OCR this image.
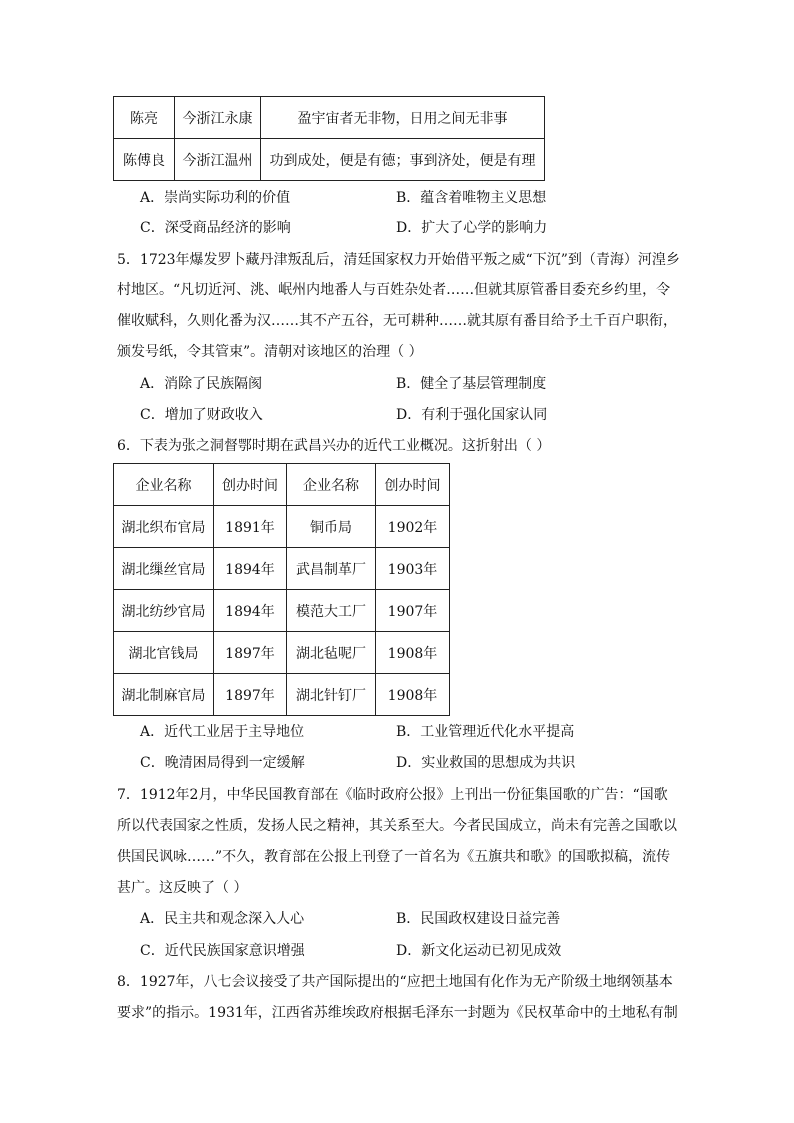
陈亮	今浙江永康	盈宇宙者无非物，日用之间无非事
陈傅良	今浙江温州	功到成处，便是有德；事到济处，便是有理
A．崇尚实际功利的价值	B．蕴含着唯物主义思想
C．深受商品经济的影响	D．扩大了心学的影响力
5．1723年爆发罗卜藏丹津叛乱后，清廷国家权力开始借平叛之威“下沉”到（青海）河湟乡
村地区。“凡切近河、洮、岷州内地番人与百姓杂处者……但就其原管番目委充乡约里，令
催收赋科，久则化番为汉……其不产五谷，无可耕种……就其原有番目给予土千百户职衔，
颁发号纸，令其管束”。清朝对该地区的治理（ ）
A．消除了民族隔阂	B．健全了基层管理制度
C．增加了财政收入	D．有利于强化国家认同
6．下表为张之洞督鄂时期在武昌兴办的近代工业概况。这折射出（ ）
企业名称	创办时间	企业名称	创办时间
湖北织布官局	1891年	铜币局	1902年
湖北缫丝官局	1894年	武昌制革厂	1903年
湖北纺纱官局	1894年	模范大工厂	1907年
湖北官钱局	1897年	湖北毡呢厂	1908年
湖北制麻官局	1897年	湖北针钉厂	1908年
A．近代工业居于主导地位	B．工业管理近代化水平提高
C．晚清困局得到一定缓解	D．实业救国的思想成为共识
7．1912年2月，中华民国教育部在《临时政府公报》上刊出一份征集国歌的广告：“国歌
所以代表国家之性质，发扬人民之精神，其关系至大。今者民国成立，尚未有完善之国歌以
供国民讽咏……”不久，教育部在公报上刊登了一首名为《五旗共和歌》的国歌拟稿，流传
甚广。这反映了（ ）
A．民主共和观念深入人心	B．民国政权建设日益完善
C．近代民族国家意识增强	D．新文化运动已初见成效
8．1927年，八七会议接受了共产国际提出的“应把土地国有化作为无产阶级土地纲领基本
要求”的指示。1931年，江西省苏维埃政府根据毛泽东一封题为《民权革命中的土地私有制
